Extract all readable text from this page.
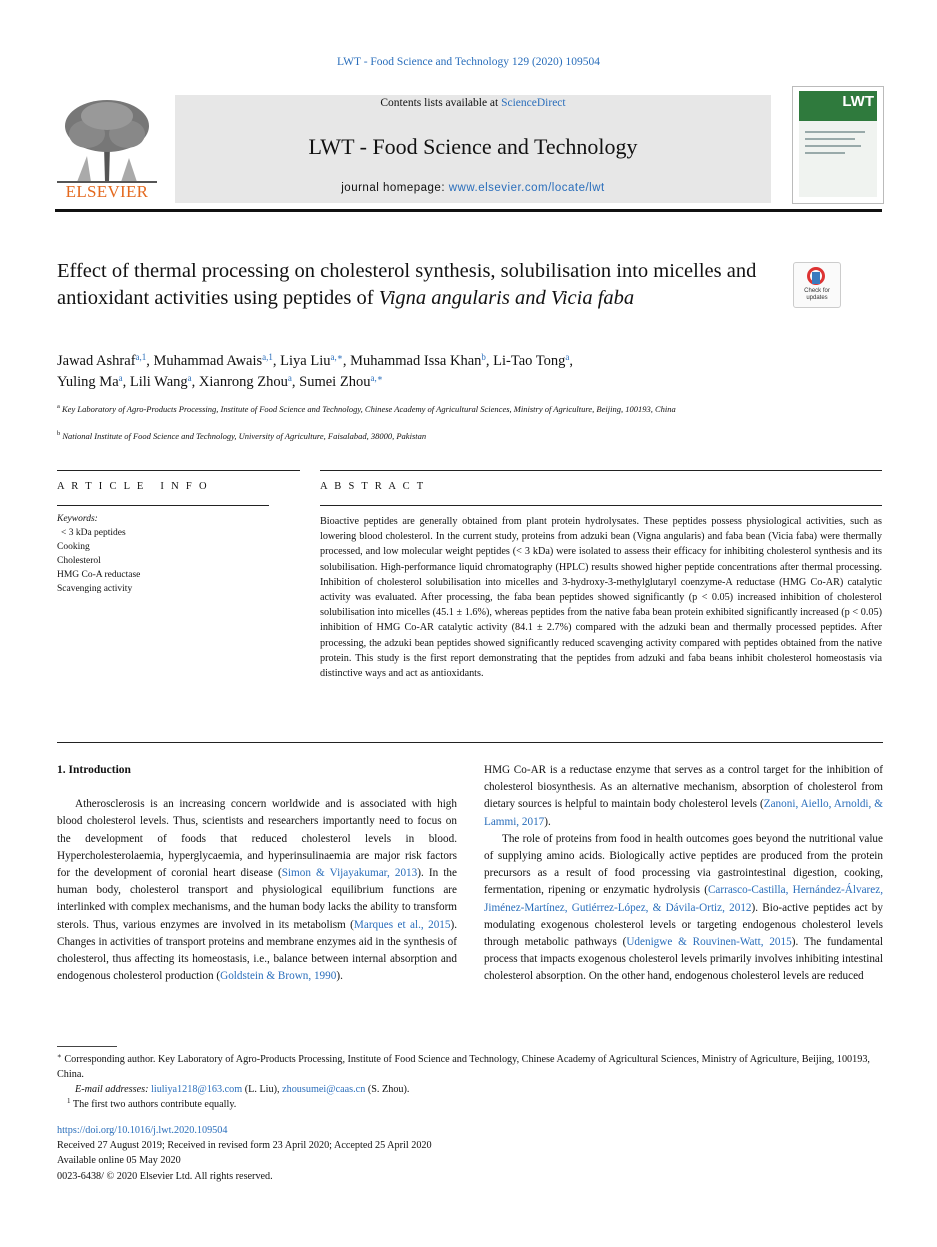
LWT - Food Science and Technology 129 (2020) 109504
ELSEVIER
Contents lists available at ScienceDirect
LWT - Food Science and Technology
journal homepage: www.elsevier.com/locate/lwt
LWT
Effect of thermal processing on cholesterol synthesis, solubilisation into micelles and antioxidant activities using peptides of Vigna angularis and Vicia faba	Check for updates
Jawad Ashraf$^{a,1}$, Muhammad Awais$^{a,1}$, Liya Liu$^{a,∗}$, Muhammad Issa Khan$^b$, Li-Tao Tong$^a$,
Yuling Ma$^a$, Lili Wang$^a$, Xianrong Zhou$^a$, Sumei Zhou$^{a,∗}$
$^a$ Key Laboratory of Agro-Products Processing, Institute of Food Science and Technology, Chinese Academy of Agricultural Sciences, Ministry of Agriculture, Beijing, 100193, China
$^b$ National Institute of Food Science and Technology, University of Agriculture, Faisalabad, 38000, Pakistan
A R T I C L E   I N F O	A B S T R A C T
Keywords:
< 3 kDa peptides
Cooking
Cholesterol
HMG Co-A reductase
Scavenging activity
Bioactive peptides are generally obtained from plant protein hydrolysates. These peptides possess physiological activities, such as lowering blood cholesterol. In the current study, proteins from adzuki bean (Vigna angularis) and faba bean (Vicia faba) were thermally processed, and low molecular weight peptides (< 3 kDa) were isolated to assess their efficacy for inhibiting cholesterol synthesis and its solubilisation. High-performance liquid chromatography (HPLC) results showed higher peptide concentrations after thermal processing. Inhibition of cholesterol solubilisation into micelles and 3-hydroxy-3-methylglutaryl coenzyme-A reductase (HMG Co-AR) catalytic activity was evaluated. After processing, the faba bean peptides showed significantly (p < 0.05) increased inhibition of cholesterol solubilisation into micelles (45.1 ± 1.6%), whereas peptides from the native faba bean protein exhibited significantly increased (p < 0.05) inhibition of HMG Co-AR catalytic activity (84.1 ± 2.7%) compared with the adzuki bean and thermally processed peptides. After processing, the adzuki bean peptides showed significantly reduced scavenging activity compared with peptides obtained from the native protein. This study is the first report demonstrating that the peptides from adzuki and faba beans inhibit cholesterol homeostasis via distinctive ways and act as antioxidants.
1. Introduction

Atherosclerosis is an increasing concern worldwide and is associated with high blood cholesterol levels. Thus, scientists and researchers importantly need to focus on the development of foods that reduced cholesterol levels in blood. Hypercholesterolaemia, hyperglycaemia, and hyperinsulinaemia are major risk factors for the development of coronial heart disease (Simon & Vijayakumar, 2013). In the human body, cholesterol transport and physiological equilibrium functions are interlinked with complex mechanisms, and the human body lacks the ability to transform sterols. Thus, various enzymes are involved in its metabolism (Marques et al., 2015). Changes in activities of transport proteins and membrane enzymes aid in the synthesis of cholesterol, thus affecting its homeostasis, i.e., balance between internal absorption and endogenous cholesterol production (Goldstein & Brown, 1990).

HMG Co-AR is a reductase enzyme that serves as a control target for the inhibition of cholesterol biosynthesis. As an alternative mechanism, absorption of cholesterol from dietary sources is helpful to maintain body cholesterol levels (Zanoni, Aiello, Arnoldi, & Lammi, 2017).

The role of proteins from food in health outcomes goes beyond the nutritional value of supplying amino acids. Biologically active peptides are produced from the protein precursors as a result of food processing via gastrointestinal digestion, cooking, fermentation, ripening or enzymatic hydrolysis (Carrasco-Castilla, Hernández-Álvarez, Jiménez-Martínez, Gutiérrez-López, & Dávila-Ortiz, 2012). Bio-active peptides act by modulating exogenous cholesterol levels or targeting endogenous cholesterol levels through metabolic pathways (Udenigwe & Rouvinen-Watt, 2015). The fundamental process that impacts exogenous cholesterol levels primarily involves inhibiting intestinal cholesterol absorption. On the other hand, endogenous cholesterol levels are reduced

∗ Corresponding author. Key Laboratory of Agro-Products Processing, Institute of Food Science and Technology, Chinese Academy of Agricultural Sciences, Ministry of Agriculture, Beijing, 100193, China.
E-mail addresses: liuliya1218@163.com (L. Liu), zhousumei@caas.cn (S. Zhou).
$^1$ The first two authors contribute equally.
https://doi.org/10.1016/j.lwt.2020.109504
Received 27 August 2019; Received in revised form 23 April 2020; Accepted 25 April 2020
Available online 05 May 2020
0023-6438/ © 2020 Elsevier Ltd. All rights reserved.
